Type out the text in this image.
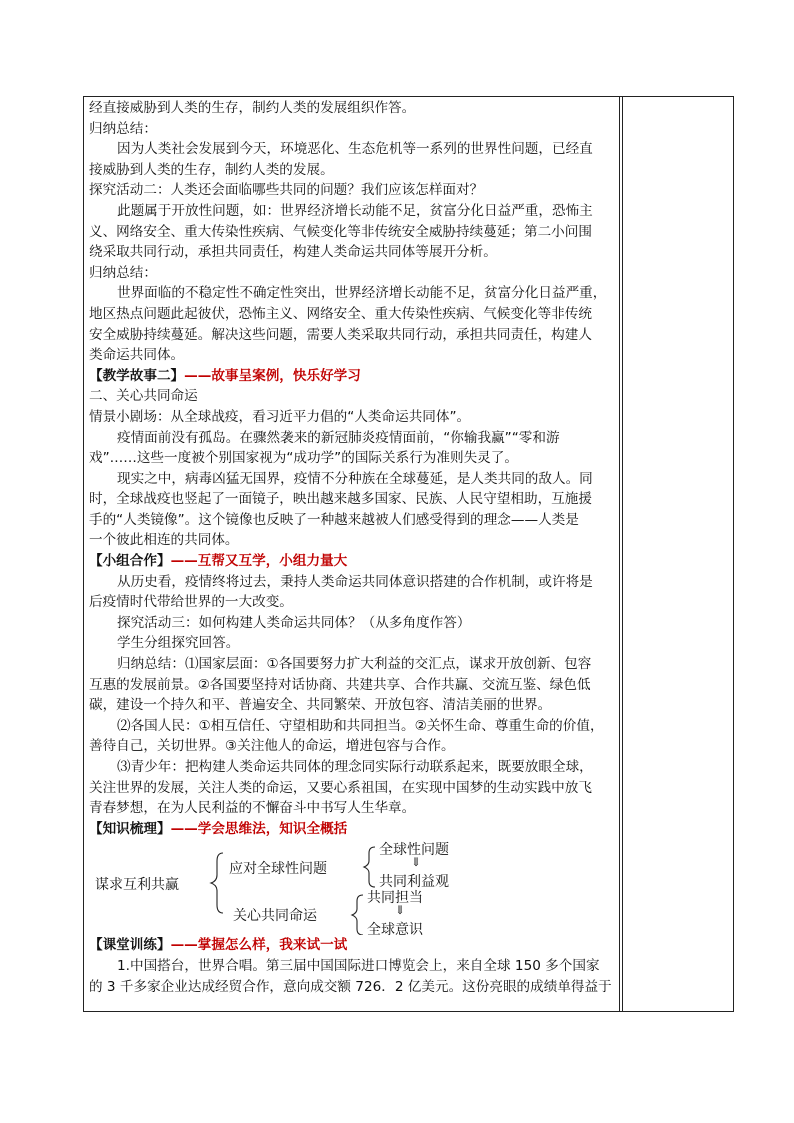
经直接威胁到人类的生存，制约人类的发展组织作答。
归纳总结：
因为人类社会发展到今天，环境恶化、生态危机等一系列的世界性问题，已经直
接威胁到人类的生存，制约人类的发展。
探究活动二：人类还会面临哪些共同的问题？我们应该怎样面对？
此题属于开放性问题，如：世界经济增长动能不足，贫富分化日益严重，恐怖主
义、网络安全、重大传染性疾病、气候变化等非传统安全威胁持续蔓延；第二小问围
绕采取共同行动，承担共同责任，构建人类命运共同体等展开分析。
归纳总结：
世界面临的不稳定性不确定性突出，世界经济增长动能不足，贫富分化日益严重，
地区热点问题此起彼伏，恐怖主义、网络安全、重大传染性疾病、气候变化等非传统
安全威胁持续蔓延。解决这些问题，需要人类采取共同行动，承担共同责任，构建人
类命运共同体。
【教学故事二】——故事呈案例，快乐好学习
二、关心共同命运
情景小剧场：从全球战疫，看习近平力倡的“人类命运共同体”。
疫情面前没有孤岛。在骤然袭来的新冠肺炎疫情面前，“你输我赢”“零和游
戏”……这些一度被个别国家视为“成功学”的国际关系行为准则失灵了。
现实之中，病毒凶猛无国界，疫情不分种族在全球蔓延，是人类共同的敌人。同
时，全球战疫也竖起了一面镜子，映出越来越多国家、民族、人民守望相助，互施援
手的“人类镜像”。这个镜像也反映了一种越来越被人们感受得到的理念——人类是
一个彼此相连的共同体。
【小组合作】——互帮又互学，小组力量大
从历史看，疫情终将过去，秉持人类命运共同体意识搭建的合作机制，或许将是
后疫情时代带给世界的一大改变。
探究活动三：如何构建人类命运共同体？（从多角度作答）
学生分组探究回答。
归纳总结：⑴国家层面：①各国要努力扩大利益的交汇点，谋求开放创新、包容
互惠的发展前景。②各国要坚持对话协商、共建共享、合作共赢、交流互鉴、绿色低
碳，建设一个持久和平、普遍安全、共同繁荣、开放包容、清洁美丽的世界。
⑵各国人民：①相互信任、守望相助和共同担当。②关怀生命、尊重生命的价值，
善待自己，关切世界。③关注他人的命运，增进包容与合作。
⑶青少年：把构建人类命运共同体的理念同实际行动联系起来，既要放眼全球，
关注世界的发展，关注人类的命运，又要心系祖国，在实现中国梦的生动实践中放飞
青春梦想，在为人民利益的不懈奋斗中书写人生华章。
【知识梳理】——学会思维法，知识全概括
谋求互利共赢
应对全球性问题
全球性问题
⇓
共同利益观
关心共同命运
共同担当
⇓
全球意识
【课堂训练】——掌握怎么样，我来试一试
1.中国搭台，世界合唱。第三届中国国际进口博览会上，来自全球 150 多个国家
的 3 千多家企业达成经贸合作，意向成交额 726．2 亿美元。这份亮眼的成绩单得益于
